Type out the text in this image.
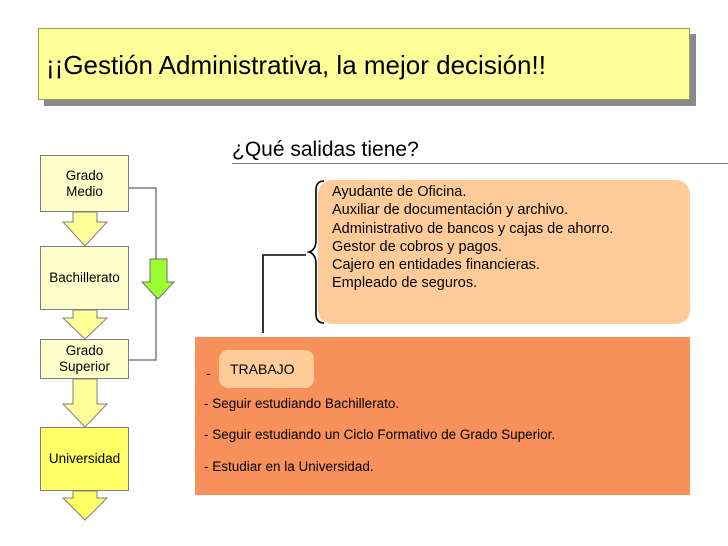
¡¡Gestión Administrativa, la mejor decisión!!
¿Qué salidas tiene?
Grado Medio
Bachillerato
Grado Superior
Universidad
Ayudante de Oficina.
Auxiliar de documentación y archivo.
Administrativo de bancos y cajas de ahorro.
Gestor de cobros y pagos.
Cajero en entidades financieras.
Empleado de seguros.
-	TRABAJO
- Seguir estudiando Bachillerato.
- Seguir estudiando un Ciclo Formativo de Grado Superior.
- Estudiar en la Universidad.
